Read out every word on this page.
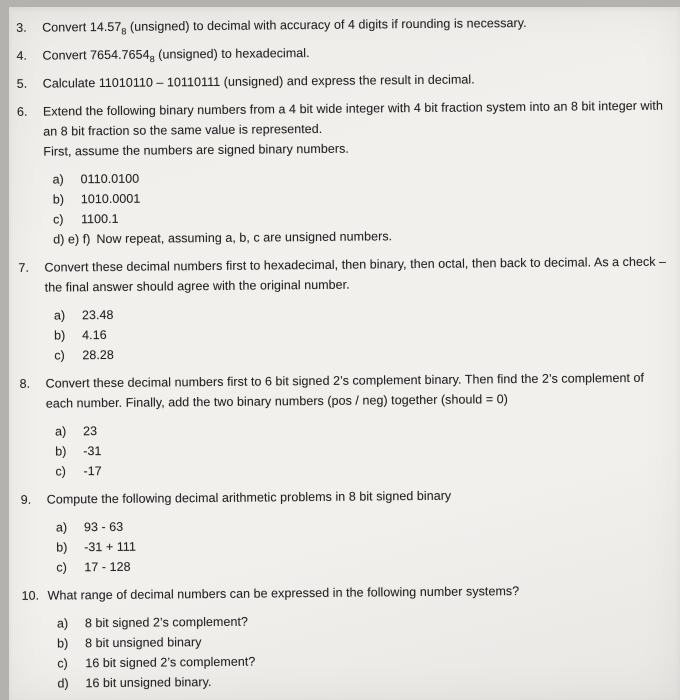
3.	Convert $14.57_8$ (unsigned) to decimal with accuracy of 4 digits if rounding is necessary.
4.	Convert $7654.7654_8$ (unsigned) to hexadecimal.
5.	Calculate 11010110 – 10110111 (unsigned) and express the result in decimal.
6.	Extend the following binary numbers from a 4 bit wide integer with 4 bit fraction system into an 8 bit integer with an 8 bit fraction so the same value is represented.
First, assume the numbers are signed binary numbers.
a)	0110.0100
b)	1010.0001
c)	1100.1
d) e) f) Now repeat, assuming a, b, c are unsigned numbers.
7.	Convert these decimal numbers first to hexadecimal, then binary, then octal, then back to decimal. As a check – the final answer should agree with the original number.
a)	23.48
b)	4.16
c)	28.28
8.	Convert these decimal numbers first to 6 bit signed 2’s complement binary. Then find the 2’s complement of each number. Finally, add the two binary numbers (pos / neg) together (should = 0)
a)	23
b)	-31
c)	-17
9.	Compute the following decimal arithmetic problems in 8 bit signed binary
a)	93 - 63
b)	-31 + 111
c)	17 - 128
10. What range of decimal numbers can be expressed in the following number systems?
a)	8 bit signed 2’s complement?
b)	8 bit unsigned binary
c)	16 bit signed 2’s complement?
d)	16 bit unsigned binary.
